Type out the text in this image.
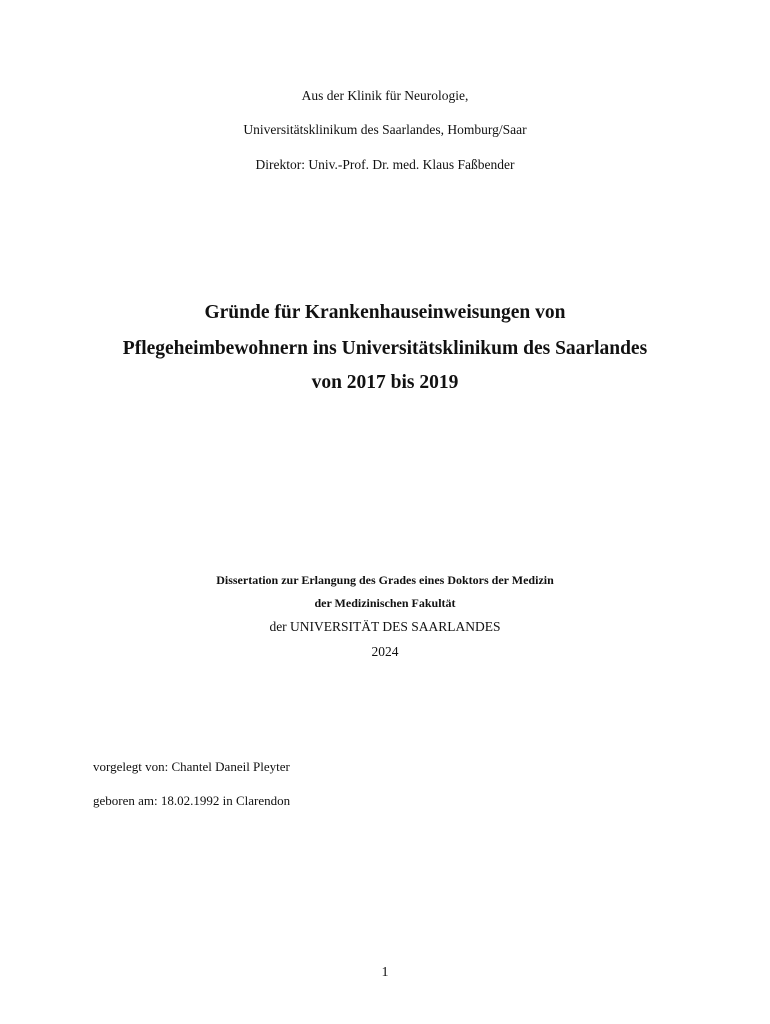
Aus der Klinik für Neurologie,
Universitätsklinikum des Saarlandes, Homburg/Saar
Direktor: Univ.-Prof. Dr. med. Klaus Faßbender
Gründe für Krankenhauseinweisungen von
Pflegeheimbewohnern ins Universitätsklinikum des Saarlandes
von 2017 bis 2019
Dissertation zur Erlangung des Grades eines Doktors der Medizin
der Medizinischen Fakultät
der UNIVERSITÄT DES SAARLANDES
2024
vorgelegt von: Chantel Daneil Pleyter
geboren am: 18.02.1992 in Clarendon
1
